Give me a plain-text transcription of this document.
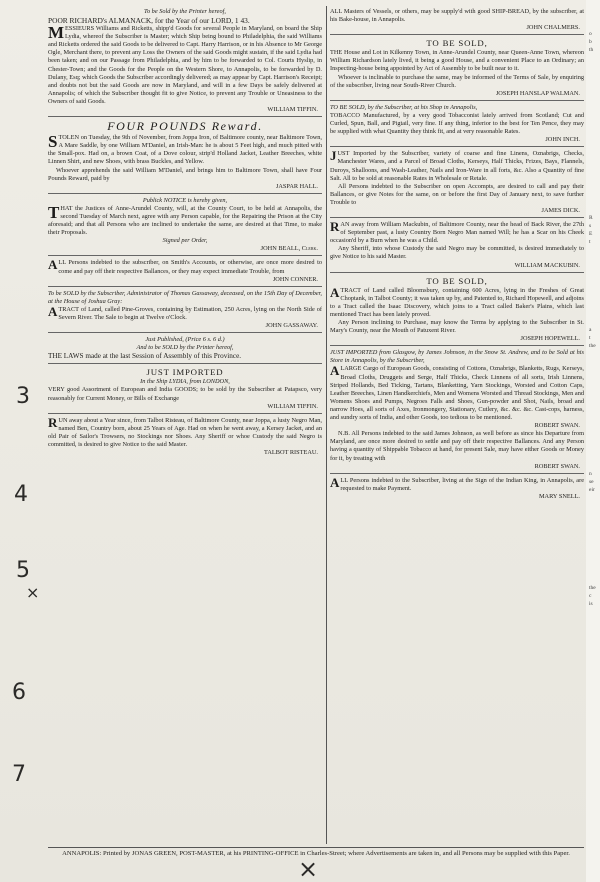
3
4
5
×
6
7
×

To be Sold by the Printer hereof,

POOR RICHARD's ALMANACK, for the Year of our LORD, 1 43.

MESSIEURS Williams and Ricketts, shipp'd Goods for several People in Maryland, on board the Ship Lydia, whereof the Subscriber is Master; which Ship being bound to Philadelphia, the said Williams and Ricketts ordered the said Goods to be delivered to Capt. Harry Harrison, or in his Absence to Mr George Ogle, Merchant there, to prevent any Loss the Owners of the said Goods might sustain, if the said Lydia had been taken; and on our Passage from Philadelphia, and by him to be forwarded to Col. Courts Hyslip, in Chester-Town; and the Goods for the People on the Western Shore, to Annapolis, to be forwarded by D. Dulany, Esq; which Goods the Subscriber accordingly delivered; as may appear by Capt. Harrison's Receipt; and doubts not but the said Goods are now in Maryland, and will in a few Days be safely delivered at Annapolis; of which the Subscriber thought fit to give Notice, to prevent any Trouble or Uneasiness to the Owners of said Goods.

WILLIAM TIFFIN.

FOUR POUNDS Reward.

STOLEN on Tuesday, the 9th of November, from Joppa Iron, of Baltimore county, near Baltimore Town, A Mare Saddle, by one William M'Daniel, an Irish-Man: he is about 5 Feet high, and much pitted with the Small-pox. Had on, a brown Coat, of a Dove colour, strip'd Holland Jacket, Leather Breeches, white Linnen Shirt, and new Shoes, with brass Buckles, and Yellow.

Whoever apprehends the said William M'Daniel, and brings him to Baltimore Town, shall have Four Pounds Reward, paid by

JASPAR HALL.

Publick NOTICE is hereby given,

THAT the Justices of Anne-Arundel County, will, at the County Court, to be held at Annapolis, the second Tuesday of March next, agree with any Person capable, for the Repairing the Prison at the City aforesaid; and that all Persons who are inclined to undertake the same, are desired at that Time, to make their Proposals.

Signed per Order,

JOHN BEALL, Clerk.

ALL Persons indebted to the subscriber, on Smith's Accounts, or otherwise, are once more desired to come and pay off their respective Ballances, or they may expect immediate Trouble, from

JOHN CONNER.

To be SOLD by the Subscriber, Administrator of Thomas Gassaway, deceased, on the 15th Day of December, at the House of Joshua Gray:

ATRACT of Land, called Pine-Groves, containing by Estimation, 250 Acres, lying on the North Side of Severn River. The Sale to begin at Twelve o'Clock.

JOHN GASSAWAY.

Just Published, (Price 6 s. 6 d.)

And to be SOLD by the Printer hereof,

THE LAWS made at the last Session of Assembly of this Province.

JUST IMPORTED

In the Ship LYDIA, from LONDON,

VERY good Assortment of European and India GOODS; to be sold by the Subscriber at Patapsco, very reasonably for Current Money, or Bills of Exchange

WILLIAM TIFFIN.

RUN away about a Year since, from Talbot Risteau, of Baltimore County, near Joppa, a lusty Negro Man, named Ben, Country born, about 25 Years of Age. Had on when he went away, a Kersey Jacket, and an old Pair of Sailor's Trowsers, no Stockings nor Shoes. Any Sheriff or whoe Custody the said Negro is committed, is desired to give Notice to the said Master.

TALBOT RISTEAU.

ALL Masters of Vessels, or others, may be supply'd with good SHIP-BREAD, by the subscriber, at his Bake-house, in Annapolis.

JOHN CHALMERS.

TO BE SOLD,

THE House and Lot in Kilkenny Town, in Anne-Arundel County, near Queen-Anne Town, whereon William Richardson lately lived, it being a good House, and a convenient Place to an Ordinary; an Inspecting-house being appointed by Act of Assembly to be built near to it.

Whoever is inclinable to purchase the same, may be informed of the Terms of Sale, by enquiring of the subscriber, living near South-River Church.

JOSEPH HANSLAP WALMAN.

TO BE SOLD, by the Subscriber, at his Shop in Annapolis,

TOBACCO Manufactured, by a very good Tobacconist lately arrived from Scotland; Cut and Curled, Spun, Ball, and Pigtail, very fine. If any thing, inferior to the best for Ten Pence, they may be supplied with what Quantity they think fit, and at very reasonable Rates.

JOHN INCH.

JUST Imported by the Subscriber, variety of coarse and fine Linens, Oznabrigs, Checks, Manchester Wares, and a Parcel of Broad Cloths, Kerseys, Half Thicks, Frizes, Bays, Flannels, Duroys, Shalloons, and Wash-Leather, Nails and Iron-Ware in all forts, &c. Also a Quantity of fine Salt. All to be sold at reasonable Rates in Wholesale or Retale.

All Persons indebted to the Subscriber on open Accompts, are desired to call and pay their Ballances, or give Notes for the same, on or before the first Day of January next, to save further Trouble to

JAMES DICK.

RAN away from William Mackubin, of Baltimore County, near the head of Back River, the 27th of September past, a lusty Country Born Negro Man named Will; he has a Scar on his Cheek occasion'd by a Burn when he was a Child.

Any Sheriff, into whose Custody the said Negro may be committed, is desired immediately to give Notice to his said Master.

WILLIAM MACKUBIN.

TO BE SOLD,

ATRACT of Land called Bloomsbury, containing 600 Acres, lying in the Freshes of Great Choptank, in Talbot County; it was taken up by, and Patented to, Richard Hopewell, and adjoins to a Tract called the Isaac Discovery, which joins to a Tract called Baker's Plains, which last mentioned Tract has been lately proved.

Any Person inclining to Purchase, may know the Terms by applying to the Subscriber in St. Mary's County, near the Mouth of Patuxent River.

JOSEPH HOPEWELL.

JUST IMPORTED from Glasgow, by James Johnson, in the Snow St. Andrew, and to be Sold at his Store in Annapolis, by the Subscriber,

ALARGE Cargo of European Goods, consisting of Cottons, Oznabrigs, Blanketts, Rugs, Kerseys, Broad Cloths, Druggets and Serge, Half Thicks, Check Linnens of all sorts, Irish Linnens, Striped Hollands, Bed Ticking, Tartans, Blanketting, Yarn Stockings, Worsted and Cotton Caps, Leather Breeches, Linen Handkerchiefs, Men and Womens Worsted and Thread Stockings, Men and Womens Shoes and Pumps, Negroes Falls and Shoes, Gun-powder and Shot, Nails, broad and narrow Hoes, all sorts of Axes, Ironmongery, Stationary, Cutlery, &c. &c. &c. Cast-cops, harness, and sundry sorts of India, and other Goods, too tedious to be mentioned.

ROBERT SWAN.

N.B. All Persons indebted to the said James Johnson, as well before as since his Departure from Maryland, are once more desired to settle and pay off their respective Ballances. And any Person having a quantity of Shippable Tobacco at hand, for present Sale, may have either Goods or Money for it, by treating with

ROBERT SWAN.

ALL Persons indebted to the Subscriber, living at the Sign of the Indian King, in Annapolis, are requested to make Payment.

MARY SNELL.

ANNAPOLIS: Printed by JONAS GREEN, POST-MASTER, at his PRINTING-OFFICE in Charles-Street; where Advertisements are taken in, and all Persons may be supplied with this Paper.
o
b
th
R
s
E
t
a
t
the
n
se
eir
the
c
is
